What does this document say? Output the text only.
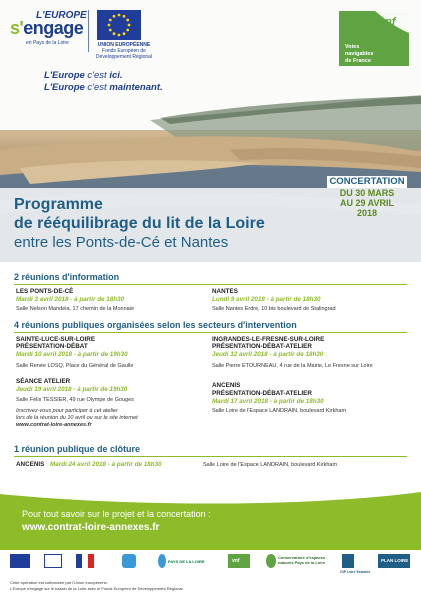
L'EUROPE
s'engage
en Pays de la Loire	UNION EUROPÉENNE
Fonds Européen de Développement Régional
L'Europe c'est ici.
L'Europe c'est maintenant.
vnf
Voies
navigables
de France
CONCERTATION
DU 30 MARS
AU 29 AVRIL
2018
Programme
de rééquilibrage du lit de la Loire
entre les Ponts-de-Cé et Nantes
2 réunions d'information
LES PONTS-DE-CÉ
Mardi 3 avril 2018 - à partir de 18h30
Salle Nelson Mandela, 17 chemin de la Monnaie
NANTES
Lundi 9 avril 2018 - à partir de 18h30
Salle Nantes Erdre, 10 bis boulevard de Stalingrad
4 réunions publiques organisées selon les secteurs d'intervention
SAINTE-LUCE-SUR-LOIRE
PRÉSENTATION-DÉBAT
Mardi 10 avril 2018 - à partir de 19h30
Salle Renée LOSQ, Place du Général de Gaulle
INGRANDES-LE-FRESNE-SUR-LOIRE
PRÉSENTATION-DÉBAT-ATELIER
Jeudi 12 avril 2018 - à partir de 18h30
Salle Pierre ETOURNEAU, 4 rue de la Mairie, Le Fresne sur Loire
SÉANCE ATELIER
Jeudi 19 avril 2018 - à partir de 19h30
Salle Félix TESSIER, 49 rue Olympe de Gouges
Inscrivez-vous pour participer à cet atelier
lors de la réunion du 10 avril ou sur le site internet
www.contrat-loire-annexes.fr
ANCENIS
PRÉSENTATION-DÉBAT-ATELIER
Mardi 17 avril 2018 - à partir de 18h30
Salle Loire de l'Espace LANDRAIN, boulevard Kirkham
1 réunion publique de clôture
ANCENIS Mardi 24 avril 2018 - à partir de 18h30	Salle Loire de l'Espace LANDRAIN, boulevard Kirkham
Pour tout savoir sur le projet et la concertation :
www.contrat-loire-annexes.fr
PAYS DE LA LOIRE	vnf
Conservatoire d'espaces naturels Pays de la Loire
GIP Loire Estuaire
PLAN LOIRE
Cette opération est cofinancée par l'Union européenne.
L'Europe s'engage sur le bassin de la Loire avec le Fonds Européen de Développement Régional.
